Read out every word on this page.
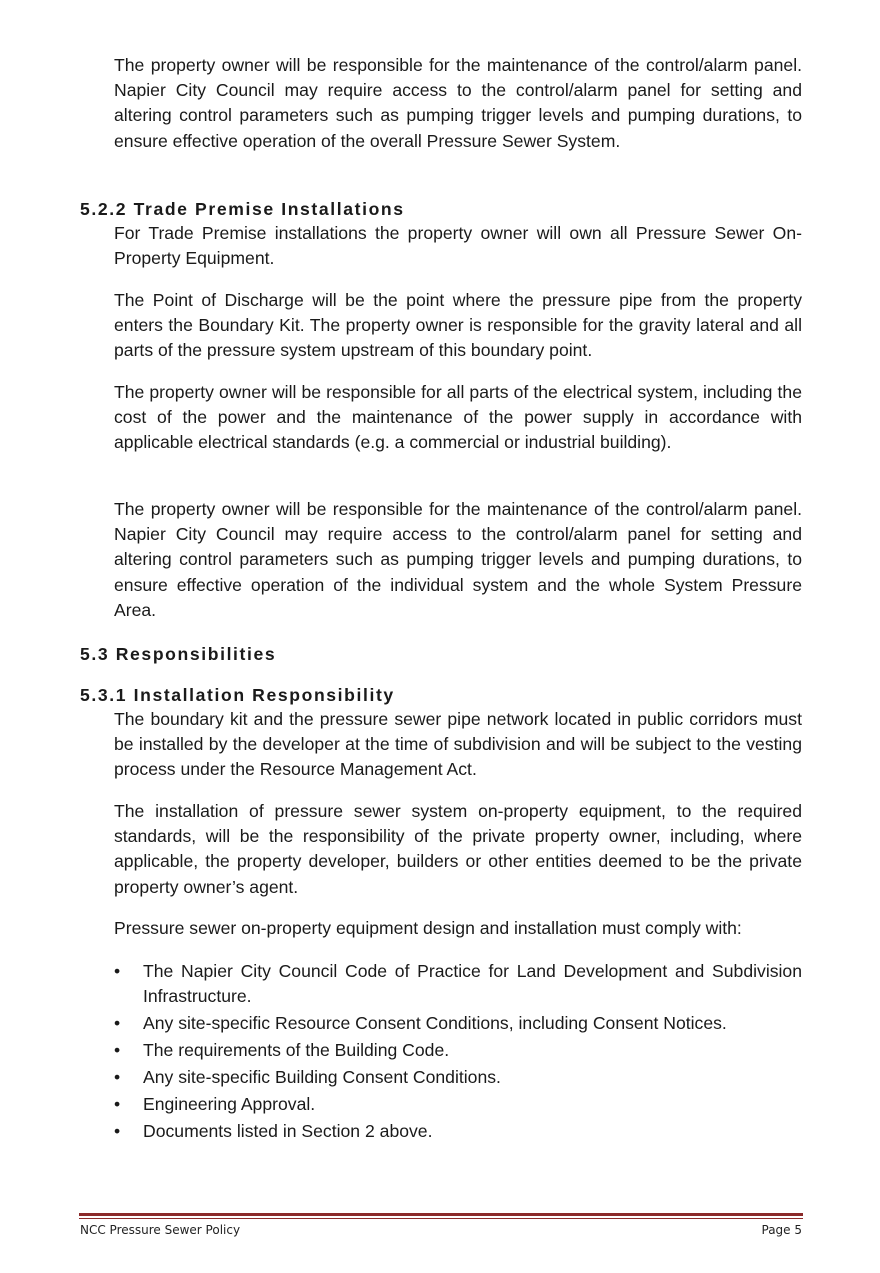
The property owner will be responsible for the maintenance of the control/alarm panel. Napier City Council may require access to the control/alarm panel for setting and altering control parameters such as pumping trigger levels and pumping durations, to ensure effective operation of the overall Pressure Sewer System.

5.2.2 Trade Premise Installations

For Trade Premise installations the property owner will own all Pressure Sewer On-Property Equipment.

The Point of Discharge will be the point where the pressure pipe from the property enters the Boundary Kit. The property owner is responsible for the gravity lateral and all parts of the pressure system upstream of this boundary point.

The property owner will be responsible for all parts of the electrical system, including the cost of the power and the maintenance of the power supply in accordance with applicable electrical standards (e.g. a commercial or industrial building).

The property owner will be responsible for the maintenance of the control/alarm panel. Napier City Council may require access to the control/alarm panel for setting and altering control parameters such as pumping trigger levels and pumping durations, to ensure effective operation of the individual system and the whole System Pressure Area.

5.3 Responsibilities
5.3.1 Installation Responsibility

The boundary kit and the pressure sewer pipe network located in public corridors must be installed by the developer at the time of subdivision and will be subject to the vesting process under the Resource Management Act.

The installation of pressure sewer system on-property equipment, to the required standards, will be the responsibility of the private property owner, including, where applicable, the property developer, builders or other entities deemed to be the private property owner’s agent.

Pressure sewer on-property equipment design and installation must comply with:

•	The Napier City Council Code of Practice for Land Development and Subdivision Infrastructure.
•	Any site-specific Resource Consent Conditions, including Consent Notices.
•	The requirements of the Building Code.
•	Any site-specific Building Consent Conditions.
•	Engineering Approval.
•	Documents listed in Section 2 above.
NCC Pressure Sewer Policy	Page 5
